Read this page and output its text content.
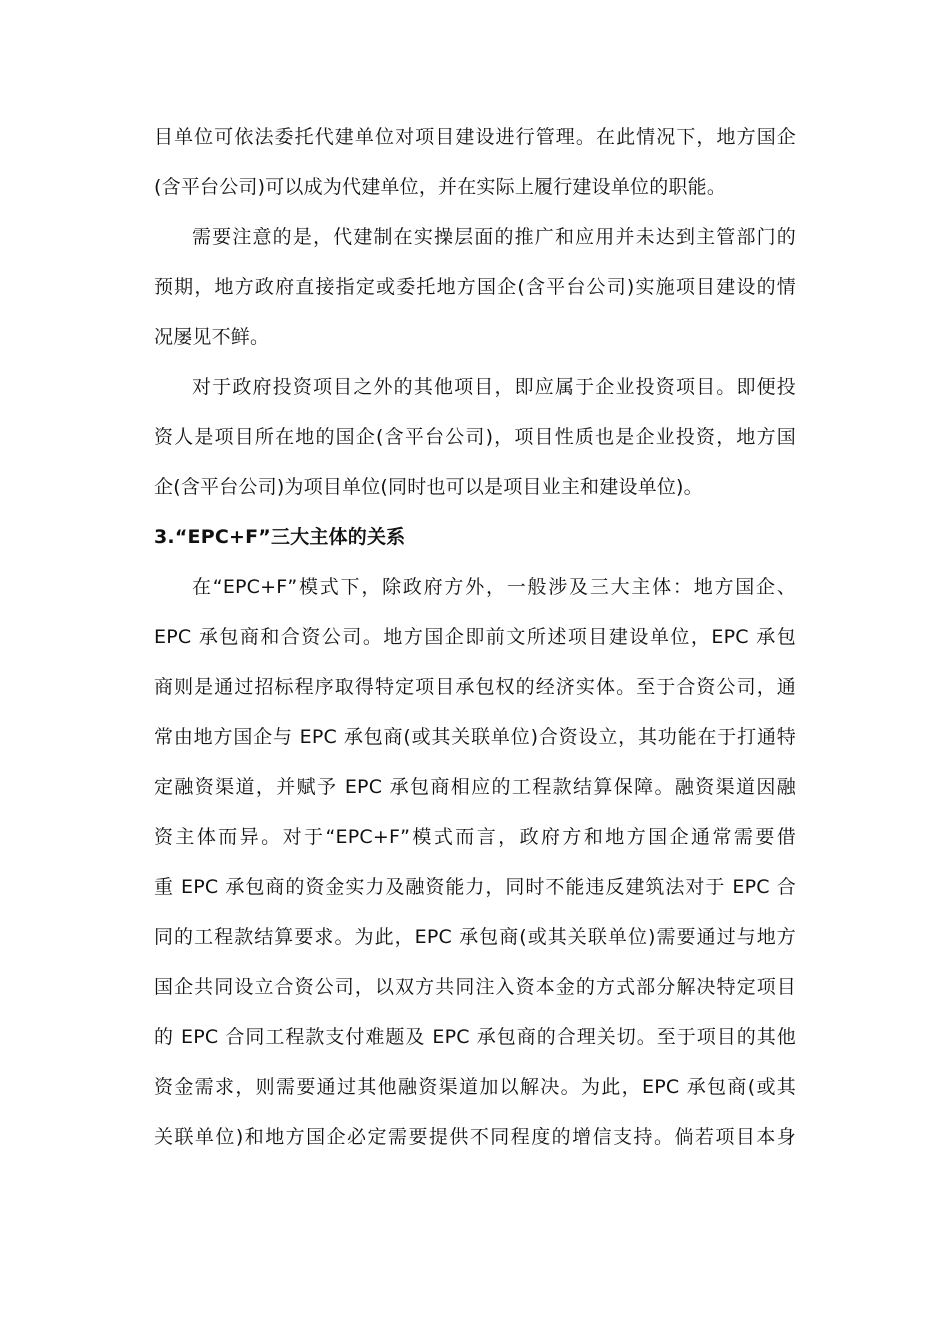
目单位可依法委托代建单位对项目建设进行管理。在此情况下，地方国企
(含平台公司)可以成为代建单位，并在实际上履行建设单位的职能。
需要注意的是，代建制在实操层面的推广和应用并未达到主管部门的
预期，地方政府直接指定或委托地方国企(含平台公司)实施项目建设的情
况屡见不鲜。
对于政府投资项目之外的其他项目，即应属于企业投资项目。即便投
资人是项目所在地的国企(含平台公司)，项目性质也是企业投资，地方国
企(含平台公司)为项目单位(同时也可以是项目业主和建设单位)。
3.“EPC+F”三大主体的关系
在“EPC+F”模式下，除政府方外，一般涉及三大主体：地方国企、
EPC 承包商和合资公司。地方国企即前文所述项目建设单位，EPC 承包
商则是通过招标程序取得特定项目承包权的经济实体。至于合资公司，通
常由地方国企与 EPC 承包商(或其关联单位)合资设立，其功能在于打通特
定融资渠道，并赋予 EPC 承包商相应的工程款结算保障。融资渠道因融
资主体而异。对于“EPC+F”模式而言，政府方和地方国企通常需要借
重 EPC 承包商的资金实力及融资能力，同时不能违反建筑法对于 EPC 合
同的工程款结算要求。为此，EPC 承包商(或其关联单位)需要通过与地方
国企共同设立合资公司，以双方共同注入资本金的方式部分解决特定项目
的 EPC 合同工程款支付难题及 EPC 承包商的合理关切。至于项目的其他
资金需求，则需要通过其他融资渠道加以解决。为此，EPC 承包商(或其
关联单位)和地方国企必定需要提供不同程度的增信支持。倘若项目本身
